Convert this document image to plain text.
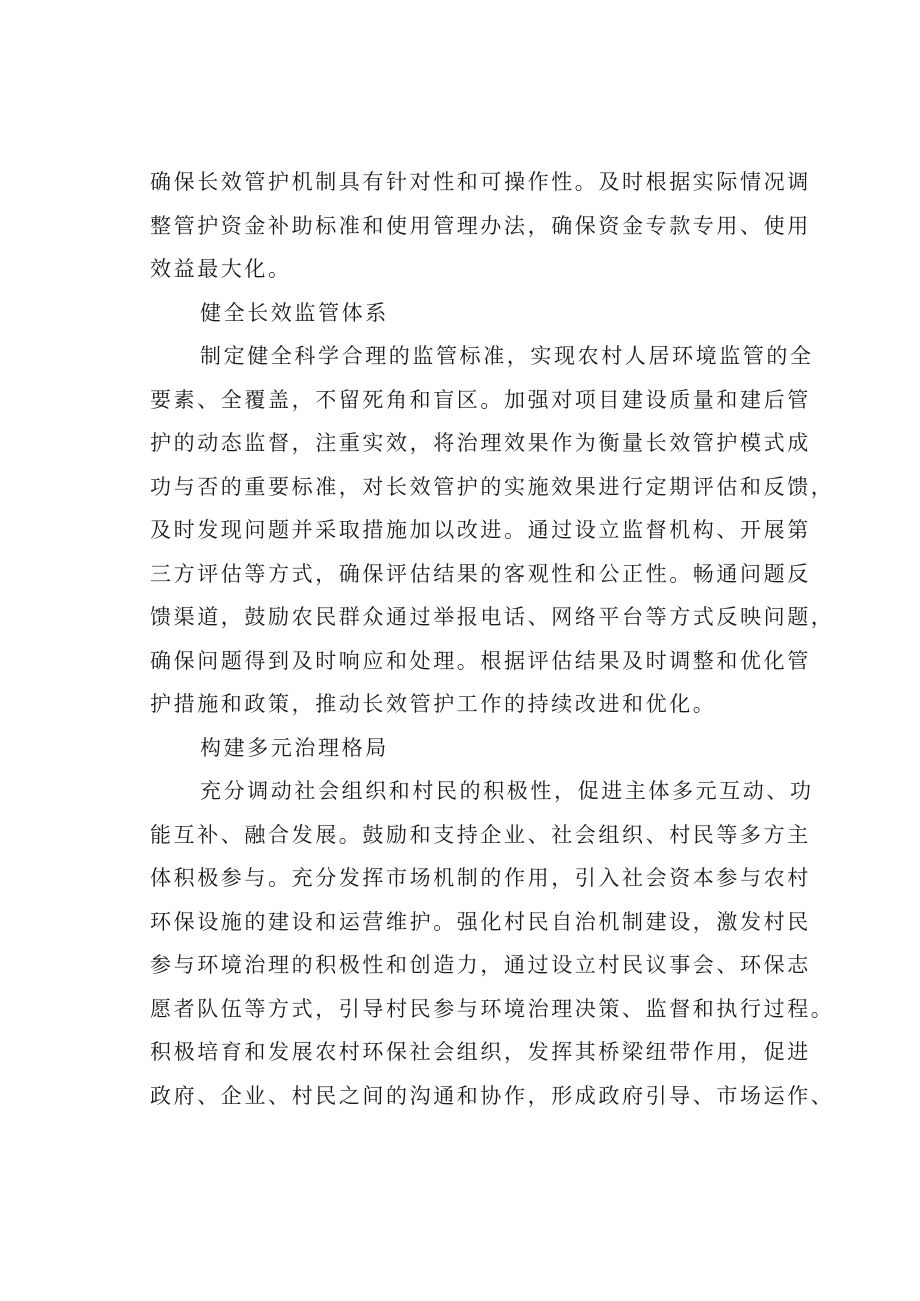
确保长效管护机制具有针对性和可操作性。及时根据实际情况调
整管护资金补助标准和使用管理办法，确保资金专款专用、使用
效益最大化。
健全长效监管体系
制定健全科学合理的监管标准，实现农村人居环境监管的全
要素、全覆盖，不留死角和盲区。加强对项目建设质量和建后管
护的动态监督，注重实效，将治理效果作为衡量长效管护模式成
功与否的重要标准，对长效管护的实施效果进行定期评估和反馈，
及时发现问题并采取措施加以改进。通过设立监督机构、开展第
三方评估等方式，确保评估结果的客观性和公正性。畅通问题反
馈渠道，鼓励农民群众通过举报电话、网络平台等方式反映问题，
确保问题得到及时响应和处理。根据评估结果及时调整和优化管
护措施和政策，推动长效管护工作的持续改进和优化。
构建多元治理格局
充分调动社会组织和村民的积极性，促进主体多元互动、功
能互补、融合发展。鼓励和支持企业、社会组织、村民等多方主
体积极参与。充分发挥市场机制的作用，引入社会资本参与农村
环保设施的建设和运营维护。强化村民自治机制建设，激发村民
参与环境治理的积极性和创造力，通过设立村民议事会、环保志
愿者队伍等方式，引导村民参与环境治理决策、监督和执行过程。
积极培育和发展农村环保社会组织，发挥其桥梁纽带作用，促进
政府、企业、村民之间的沟通和协作，形成政府引导、市场运作、
